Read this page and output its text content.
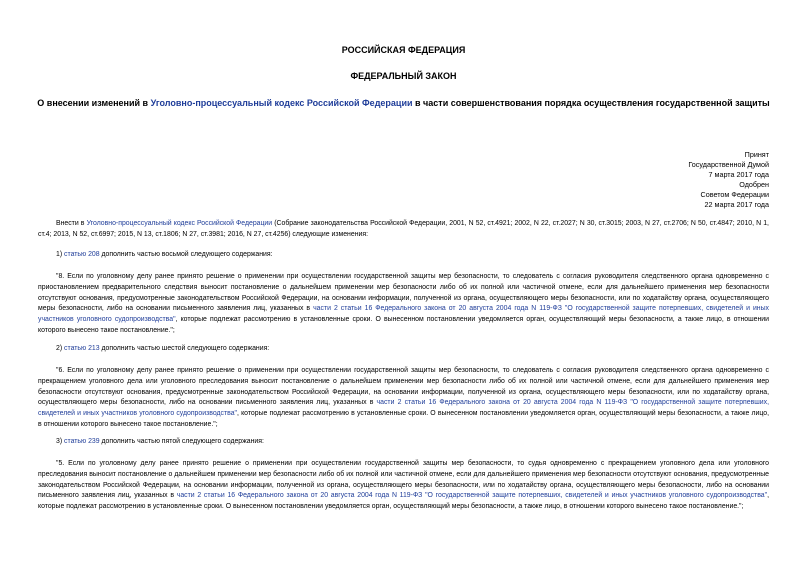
РОССИЙСКАЯ ФЕДЕРАЦИЯ
ФЕДЕРАЛЬНЫЙ ЗАКОН
О внесении изменений в Уголовно-процессуальный кодекс Российской Федерации в части совершенствования порядка осуществления государственной защиты
Принят
Государственной Думой
7 марта 2017 года
Одобрен
Советом Федерации
22 марта 2017 года
Внести в Уголовно-процессуальный кодекс Российской Федерации (Собрание законодательства Российской Федерации, 2001, N 52, ст.4921; 2002, N 22, ст.2027; N 30, ст.3015; 2003, N 27, ст.2706; N 50, ст.4847; 2010, N 1, ст.4; 2013, N 52, ст.6997; 2015, N 13, ст.1806; N 27, ст.3981; 2016, N 27, ст.4256) следующие изменения:
1) статью 208 дополнить частью восьмой следующего содержания:
"8. Если по уголовному делу ранее принято решение о применении при осуществлении государственной защиты мер безопасности, то следователь с согласия руководителя следственного органа одновременно с приостановлением предварительного следствия выносит постановление о дальнейшем применении мер безопасности либо об их полной или частичной отмене, если для дальнейшего применения мер безопасности отсутствуют основания, предусмотренные законодательством Российской Федерации, на основании информации, полученной из органа, осуществляющего меры безопасности, или по ходатайству органа, осуществляющего меры безопасности, либо на основании письменного заявления лиц, указанных в части 2 статьи 16 Федерального закона от 20 августа 2004 года N 119-ФЗ "О государственной защите потерпевших, свидетелей и иных участников уголовного судопроизводства", которые подлежат рассмотрению в установленные сроки. О вынесенном постановлении уведомляется орган, осуществляющий меры безопасности, а также лицо, в отношении которого вынесено такое постановление.";
2) статью 213 дополнить частью шестой следующего содержания:
"6. Если по уголовному делу ранее принято решение о применении при осуществлении государственной защиты мер безопасности, то следователь с согласия руководителя следственного органа одновременно с прекращением уголовного дела или уголовного преследования выносит постановление о дальнейшем применении мер безопасности либо об их полной или частичной отмене, если для дальнейшего применения мер безопасности отсутствуют основания, предусмотренные законодательством Российской Федерации, на основании информации, полученной из органа, осуществляющего меры безопасности, или по ходатайству органа, осуществляющего меры безопасности, либо на основании письменного заявления лиц, указанных в части 2 статьи 16 Федерального закона от 20 августа 2004 года N 119-ФЗ "О государственной защите потерпевших, свидетелей и иных участников уголовного судопроизводства", которые подлежат рассмотрению в установленные сроки. О вынесенном постановлении уведомляется орган, осуществляющий меры безопасности, а также лицо, в отношении которого вынесено такое постановление.";
3) статью 239 дополнить частью пятой следующего содержания:
"5. Если по уголовному делу ранее принято решение о применении при осуществлении государственной защиты мер безопасности, то судья одновременно с прекращением уголовного дела или уголовного преследования выносит постановление о дальнейшем применении мер безопасности либо об их полной или частичной отмене, если для дальнейшего применения мер безопасности отсутствуют основания, предусмотренные законодательством Российской Федерации, на основании информации, полученной из органа, осуществляющего меры безопасности, или по ходатайству органа, осуществляющего меры безопасности, либо на основании письменного заявления лиц, указанных в части 2 статьи 16 Федерального закона от 20 августа 2004 года N 119-ФЗ "О государственной защите потерпевших, свидетелей и иных участников уголовного судопроизводства", которые подлежат рассмотрению в установленные сроки. О вынесенном постановлении уведомляется орган, осуществляющий меры безопасности, а также лицо, в отношении которого вынесено такое постановление.";
